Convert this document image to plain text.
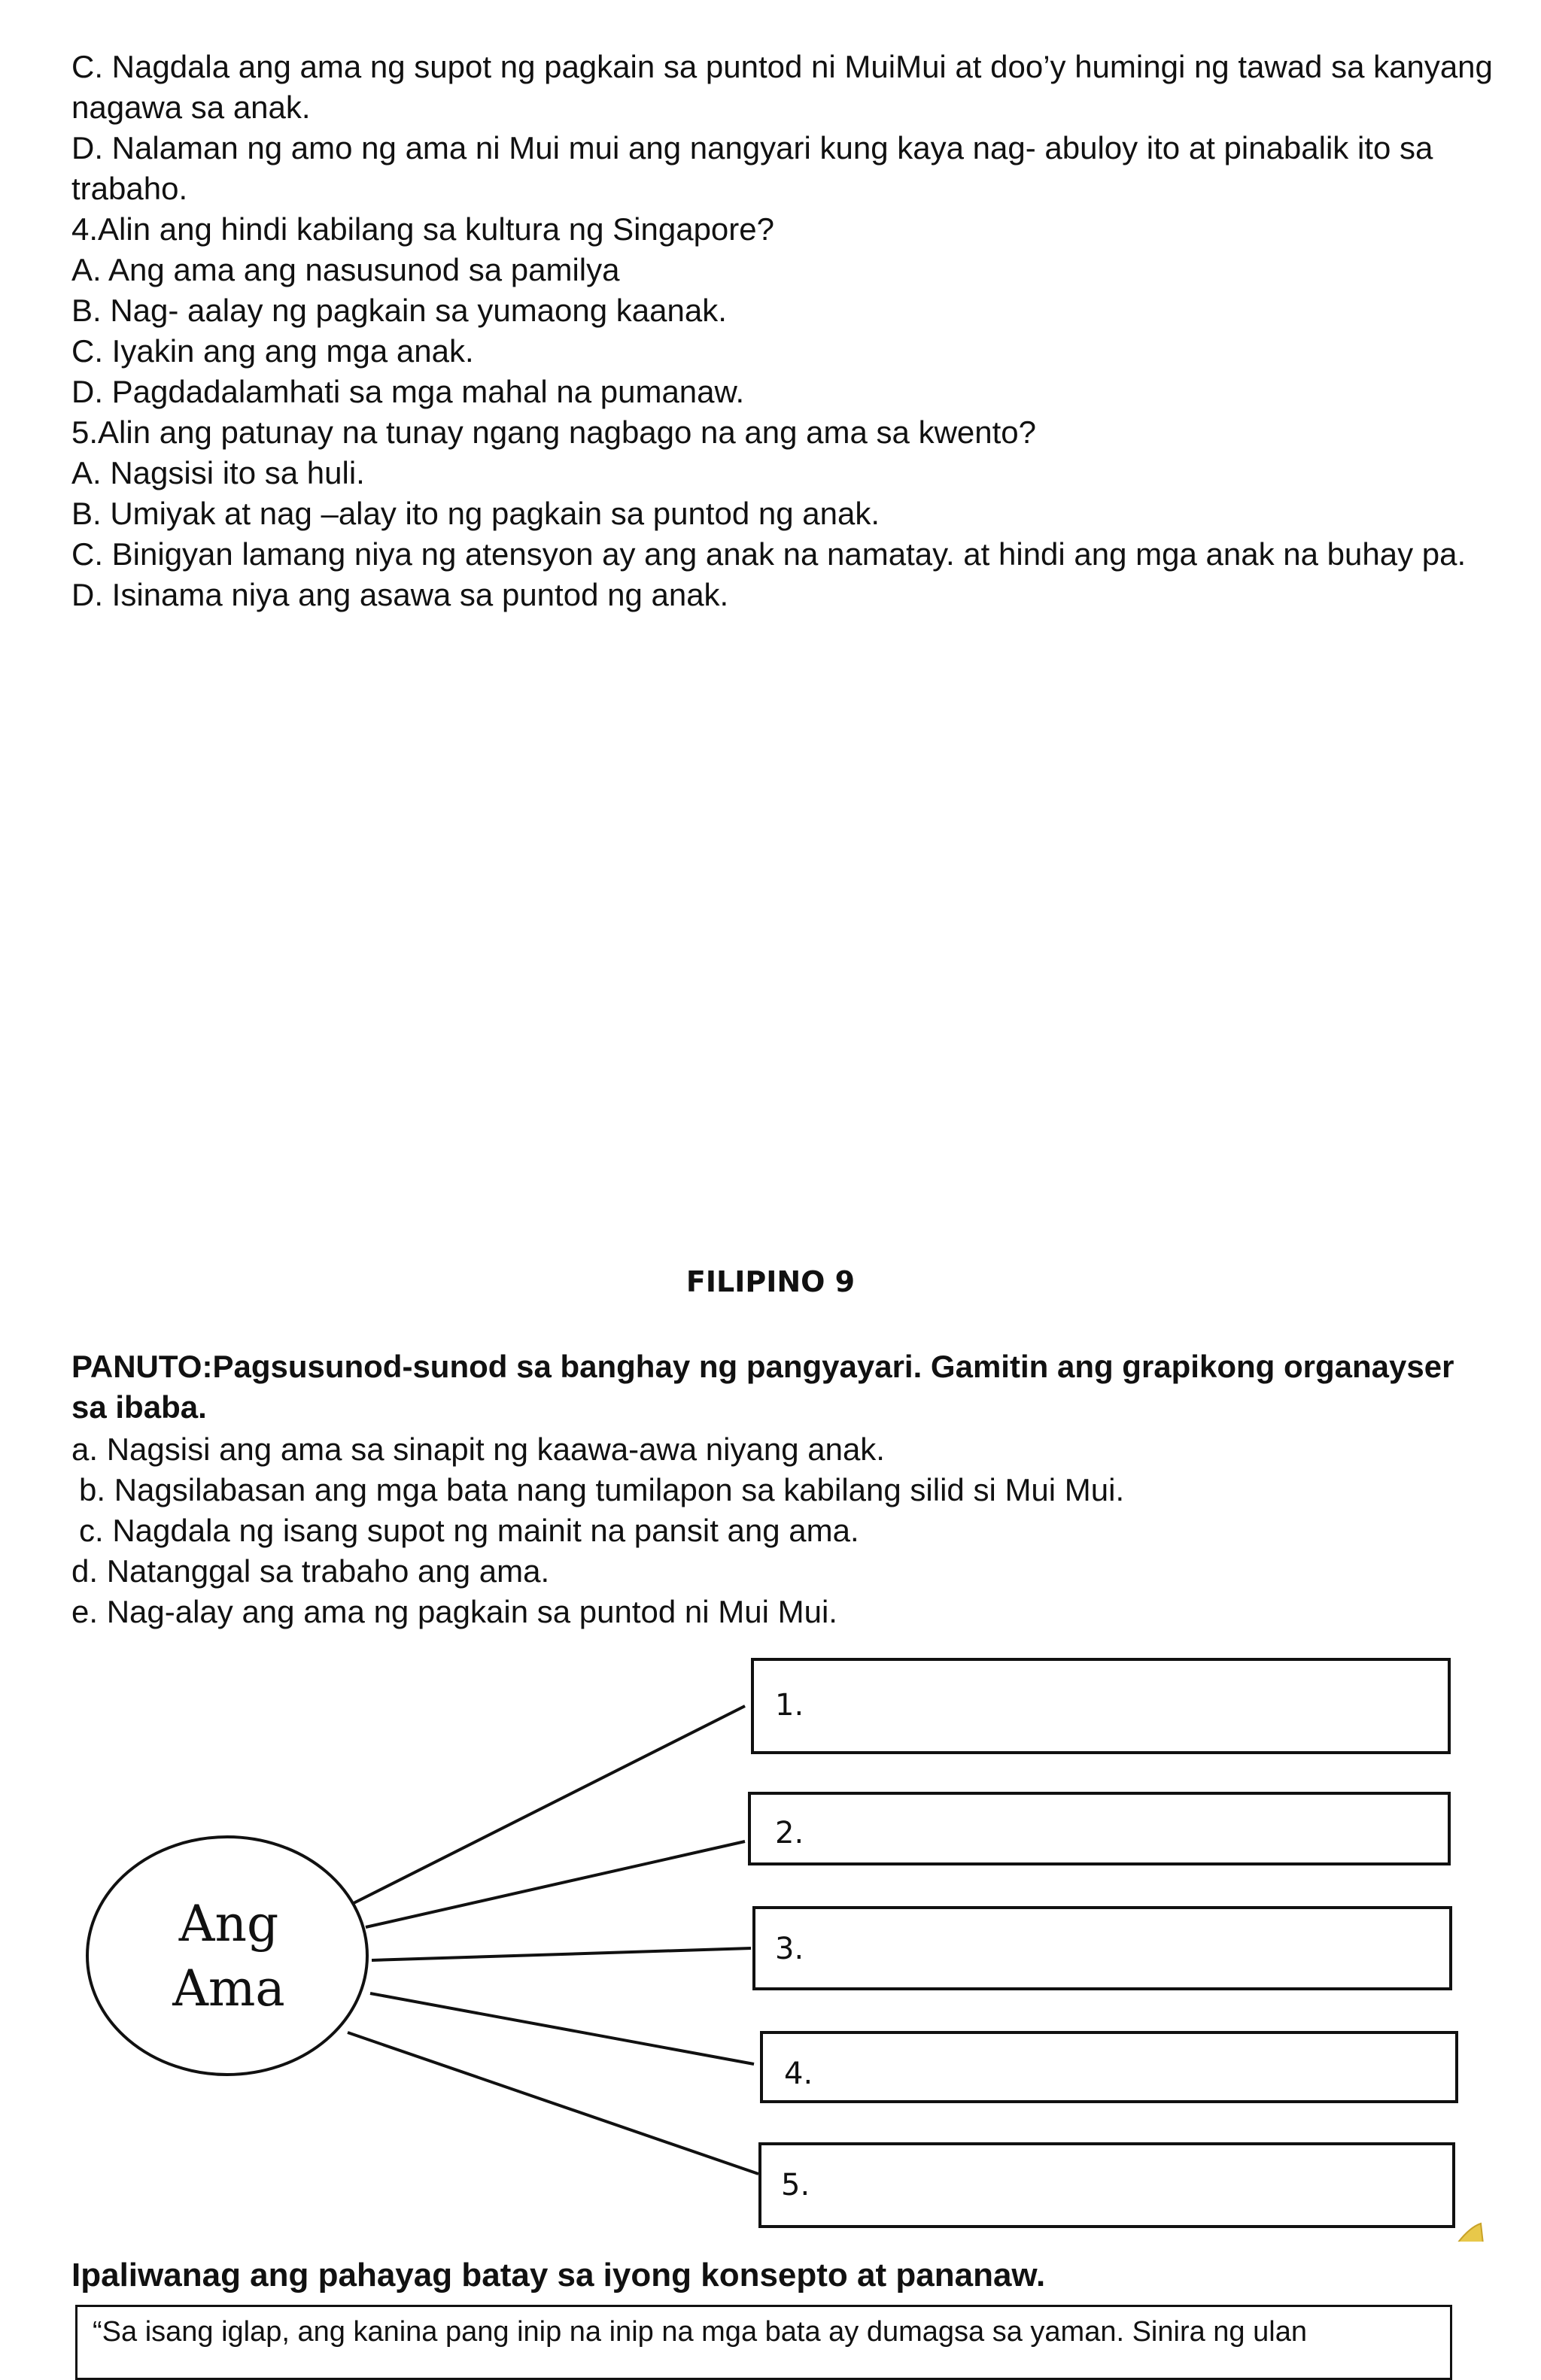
C. Nagdala ang ama ng supot ng pagkain sa puntod ni MuiMui at doo’y humingi ng tawad sa kanyang nagawa sa anak.
D. Nalaman ng amo ng ama ni Mui mui ang nangyari kung kaya nag- abuloy ito at pinabalik ito sa trabaho.
4.Alin ang hindi kabilang sa kultura ng Singapore?
A. Ang ama ang nasusunod sa pamilya
B. Nag- aalay ng pagkain sa yumaong kaanak.
C. Iyakin ang ang mga anak.
D. Pagdadalamhati sa mga mahal na pumanaw.
5.Alin ang patunay na tunay ngang nagbago na ang ama sa kwento?
A. Nagsisi ito sa huli.
B. Umiyak at nag –alay ito ng pagkain sa puntod ng anak.
C. Binigyan lamang niya ng atensyon ay ang anak na namatay. at hindi ang mga anak na buhay pa.
D. Isinama niya ang asawa sa puntod ng anak.
FILIPINO 9
PANUTO:Pagsusunod-sunod sa banghay ng pangyayari. Gamitin ang grapikong organayser sa ibaba.
a. Nagsisi ang ama sa sinapit ng kaawa-awa niyang anak.
b. Nagsilabasan ang mga bata nang tumilapon sa kabilang silid si Mui Mui.
c. Nagdala ng isang supot ng mainit na pansit ang ama.
d. Natanggal sa trabaho ang ama.
e. Nag-alay ang ama ng pagkain sa puntod ni Mui Mui.
Ang
Ama
1.
2.
3.
4.
5.
Ipaliwanag ang pahayag batay sa iyong konsepto at pananaw.
“Sa isang iglap, ang kanina pang inip na inip na mga bata ay dumagsa sa yaman. Sinira ng ulan
